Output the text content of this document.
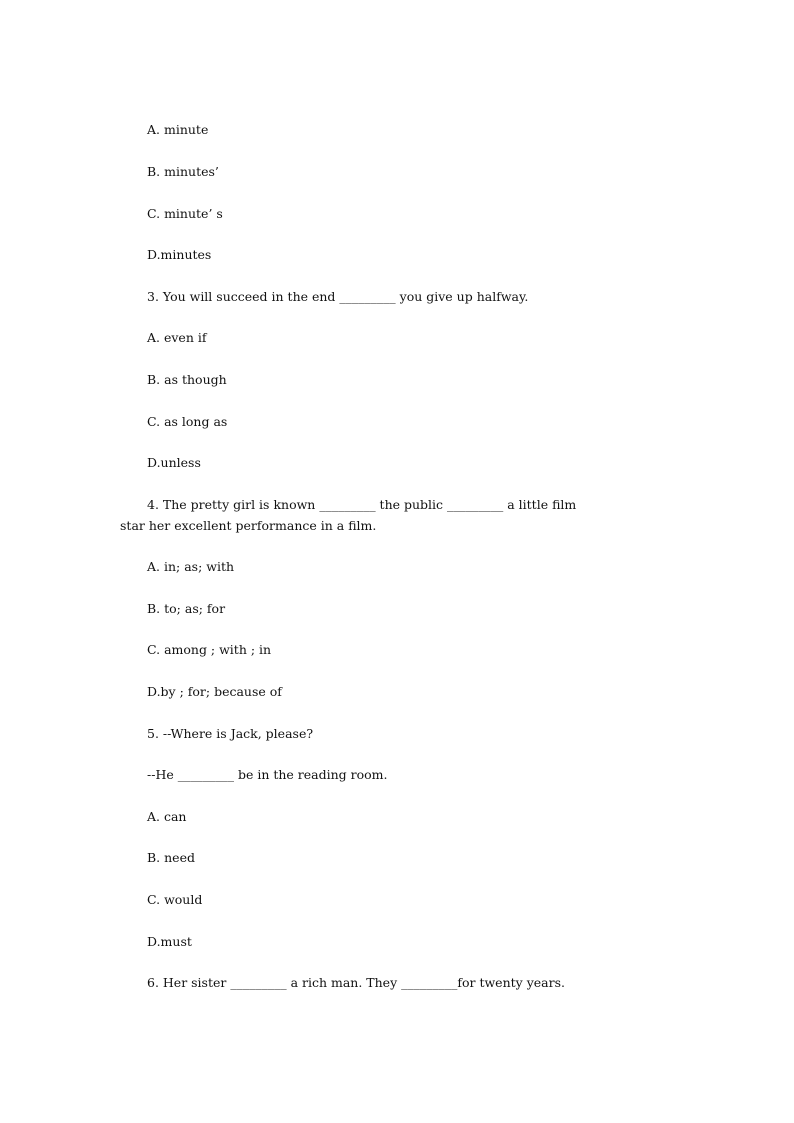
A. minute
B. minutes’
C. minute’ s
D.minutes
3. You will succeed in the end _________ you give up halfway.
A. even if
B. as though
C. as long as
D.unless
4. The pretty girl is known _________ the public _________ a little film
star her excellent performance in a film.
A. in; as; with
B. to; as; for
C. among ; with ; in
D.by ; for; because of
5. --Where is Jack, please?
--He _________ be in the reading room.
A. can
B. need
C. would
D.must
6. Her sister _________ a rich man. They _________for twenty years.
